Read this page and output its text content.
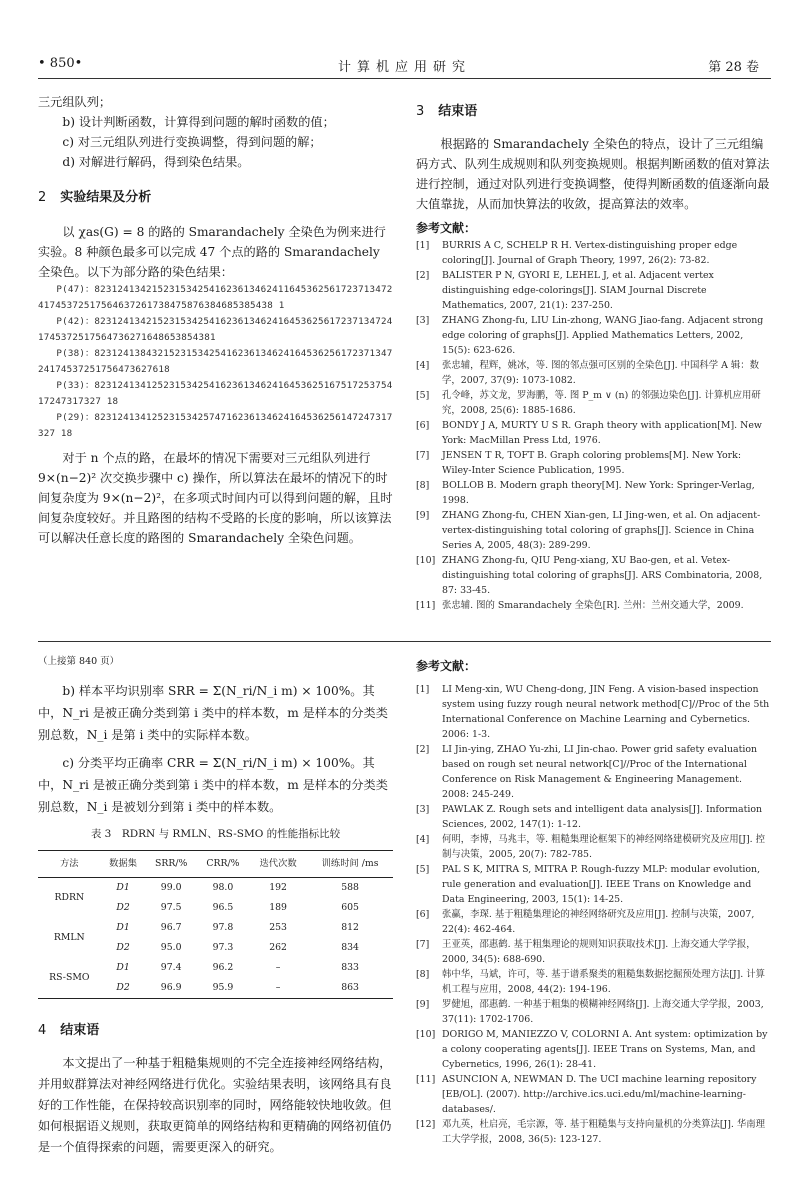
• 850•	计算机应用研究	第 28 卷

三元组队列；

b) 设计判断函数，计算得到问题的解时函数的值；

c) 对三元组队列进行变换调整，得到问题的解；

d) 对解进行解码，得到染色结果。

2 实验结果及分析

以 χas(G) = 8 的路的 Smarandachely 全染色为例来进行实验。8 种颜色最多可以完成 47 个点的路的 Smarandachely 全染色。以下为部分路的染色结果：

P(47)：823124134215231534254162361346241164536256172371347241745372517564637261738475876384685385438 1
P(42)：82312413421523153425416236134624164536256172371347241745372517564736271648653854381
P(38)：823124138432152315342541623613462416453625617237134724174537251756473627618
P(33)：823124134125231534254162361346241645362516751725375417247317327 18
P(29)：8231241341252315342574716236134624164536256147247317327 18

对于 n 个点的路，在最坏的情况下需要对三元组队列进行 9×(n−2)² 次交换步骤中 c) 操作，所以算法在最坏的情况下的时间复杂度为 9×(n−2)²，在多项式时间内可以得到问题的解，且时间复杂度较好。并且路图的结构不受路的长度的影响，所以该算法可以解决任意长度的路图的 Smarandachely 全染色问题。

3 结束语

根据路的 Smarandachely 全染色的特点，设计了三元组编码方式、队列生成规则和队列变换规则。根据判断函数的值对算法进行控制，通过对队列进行变换调整，使得判断函数的值逐渐向最大值靠拢，从而加快算法的收敛，提高算法的效率。

参考文献：

[1] BURRIS A C, SCHELP R H. Vertex-distinguishing proper edge coloring[J]. Journal of Graph Theory, 1997, 26(2): 73-82.

[2] BALISTER P N, GYORI E, LEHEL J, et al. Adjacent vertex distinguishing edge-colorings[J]. SIAM Journal Discrete Mathematics, 2007, 21(1): 237-250.

[3] ZHANG Zhong-fu, LIU Lin-zhong, WANG Jiao-fang. Adjacent strong edge coloring of graphs[J]. Applied Mathematics Letters, 2002, 15(5): 623-626.

[4] 张忠辅，程辉，姚冰，等. 图的邻点强可区别的全染色[J]. 中国科学 A 辑：数学，2007, 37(9): 1073-1082.

[5] 孔令峰，苏文龙，罗海鹏，等. 图 P_m ∨ (n) 的邻强边染色[J]. 计算机应用研究，2008, 25(6): 1885-1686.

[6] BONDY J A, MURTY U S R. Graph theory with application[M]. New York: MacMillan Press Ltd, 1976.

[7] JENSEN T R, TOFT B. Graph coloring problems[M]. New York: Wiley-Inter Science Publication, 1995.

[8] BOLLOB B. Modern graph theory[M]. New York: Springer-Verlag, 1998.

[9] ZHANG Zhong-fu, CHEN Xian-gen, LI Jing-wen, et al. On adjacent-vertex-distinguishing total coloring of graphs[J]. Science in China Series A, 2005, 48(3): 289-299.

[10] ZHANG Zhong-fu, QIU Peng-xiang, XU Bao-gen, et al. Vetex-distinguishing total coloring of graphs[J]. ARS Combinatoria, 2008, 87: 33-45.

[11] 张忠辅. 图的 Smarandachely 全染色[R]. 兰州：兰州交通大学，2009.

（上接第 840 页）

b) 样本平均识别率 SRR = Σ(N_ri/N_i m) × 100%。其中，N_ri 是被正确分类到第 i 类中的样本数，m 是样本的分类类别总数，N_i 是第 i 类中的实际样本数。

c) 分类平均正确率 CRR = Σ(N_ri/N_i m) × 100%。其中，N_ri 是被正确分类到第 i 类中的样本数，m 是样本的分类类别总数，N_i 是被划分到第 i 类中的样本数。

表 3　RDRN 与 RMLN、RS-SMO 的性能指标比较
方法	数据集	SRR/%	CRR/%	迭代次数	训练时间 /ms
RDRN	D1	99.0	98.0	192	588
	D2	97.5	96.5	189	605
RMLN	D1	96.7	97.8	253	812
	D2	95.0	97.3	262	834
RS-SMO	D1	97.4	96.2	–	833
	D2	96.9	95.9	–	863

4 结束语

本文提出了一种基于粗糙集规则的不完全连接神经网络结构，并用蚁群算法对神经网络进行优化。实验结果表明，该网络具有良好的工作性能，在保持较高识别率的同时，网络能较快地收敛。但如何根据语义规则，获取更简单的网络结构和更精确的网络初值仍是一个值得探索的问题，需要更深入的研究。

参考文献：

[1] LI Meng-xin, WU Cheng-dong, JIN Feng. A vision-based inspection system using fuzzy rough neural network method[C]//Proc of the 5th International Conference on Machine Learning and Cybernetics. 2006: 1-3.

[2] LI Jin-ying, ZHAO Yu-zhi, LI Jin-chao. Power grid safety evaluation based on rough set neural network[C]//Proc of the International Conference on Risk Management & Engineering Management. 2008: 245-249.

[3] PAWLAK Z. Rough sets and intelligent data analysis[J]. Information Sciences, 2002, 147(1): 1-12.

[4] 何明，李博，马兆丰，等. 粗糙集理论框架下的神经网络建模研究及应用[J]. 控制与决策，2005, 20(7): 782-785.

[5] PAL S K, MITRA S, MITRA P. Rough-fuzzy MLP: modular evolution, rule generation and evaluation[J]. IEEE Trans on Knowledge and Data Engineering, 2003, 15(1): 14-25.

[6] 张赢，李琛. 基于粗糙集理论的神经网络研究及应用[J]. 控制与决策，2007, 22(4): 462-464.

[7] 王亚英，邵惠鹤. 基于粗集理论的规则知识获取技术[J]. 上海交通大学学报，2000, 34(5): 688-690.

[8] 韩中华，马斌，许可，等. 基于谱系聚类的粗糙集数据挖掘预处理方法[J]. 计算机工程与应用，2008, 44(2): 194-196.

[9] 罗健旭，邵惠鹤. 一种基于粗集的模糊神经网络[J]. 上海交通大学学报，2003, 37(11): 1702-1706.

[10] DORIGO M, MANIEZZO V, COLORNI A. Ant system: optimization by a colony cooperating agents[J]. IEEE Trans on Systems, Man, and Cybernetics, 1996, 26(1): 28-41.

[11] ASUNCION A, NEWMAN D. The UCI machine learning repository [EB/OL]. (2007). http://archive.ics.uci.edu/ml/machine-learning-databases/.

[12] 邓九英，杜启亮，毛宗源，等. 基于粗糙集与支持向量机的分类算法[J]. 华南理工大学学报，2008, 36(5): 123-127.
